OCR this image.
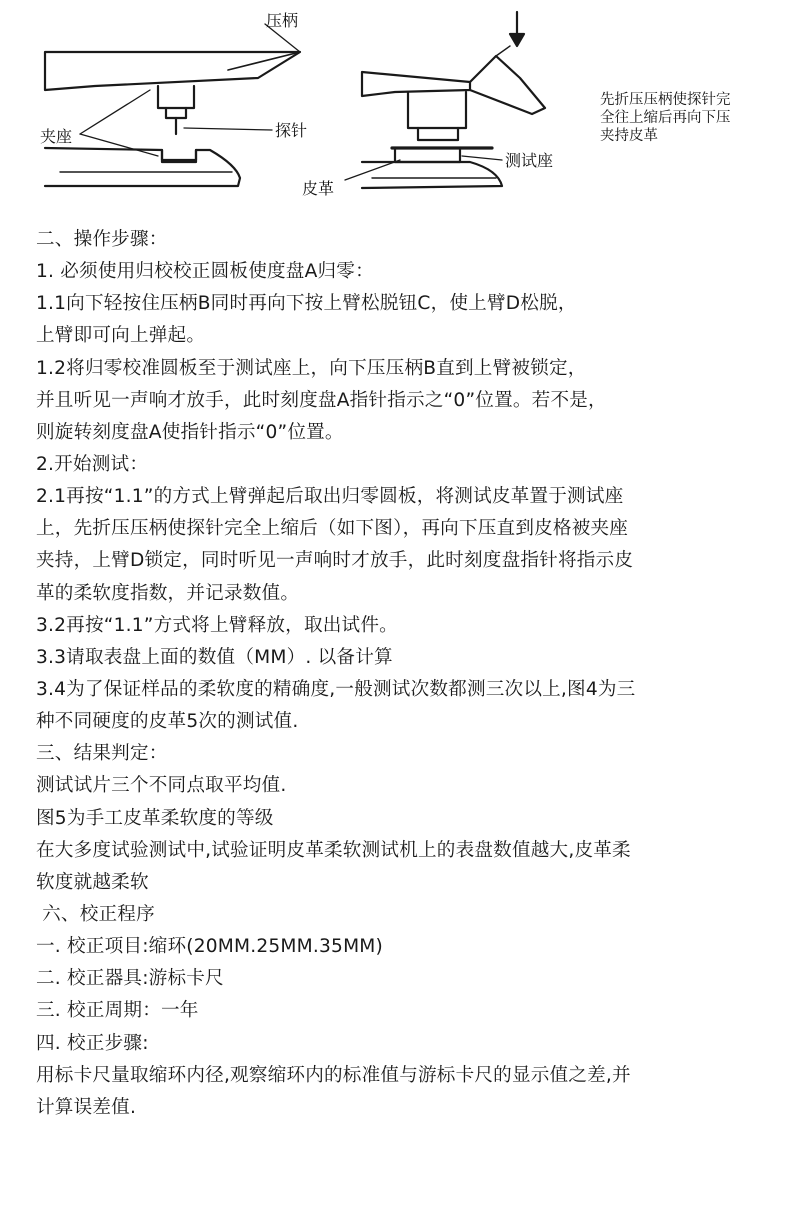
压柄
夹座	探针
皮革
测试座
先折压压柄使探针完
全往上缩后再向下压
夹持皮革
二、操作步骤：
1. 必须使用归校校正圆板使度盘A归零：
1.1向下轻按住压柄B同时再向下按上臂松脱钮C，使上臂D松脱，
上臂即可向上弹起。
1.2将归零校准圆板至于测试座上，向下压压柄B直到上臂被锁定，
并且听见一声响才放手，此时刻度盘A指针指示之“0”位置。若不是，
则旋转刻度盘A使指针指示“0”位置。
2.开始测试：
2.1再按“1.1”的方式上臂弹起后取出归零圆板，将测试皮革置于测试座
上，先折压压柄使探针完全上缩后（如下图），再向下压直到皮格被夹座
夹持，上臂D锁定，同时听见一声响时才放手，此时刻度盘指针将指示皮
革的柔软度指数，并记录数值。
3.2再按“1.1”方式将上臂释放，取出试件。
3.3请取表盘上面的数值（MM）. 以备计算
3.4为了保证样品的柔软度的精确度,一般测试次数都测三次以上,图4为三
种不同硬度的皮革5次的测试值.
三、结果判定：
测试试片三个不同点取平均值.
图5为手工皮革柔软度的等级
在大多度试验测试中,试验证明皮革柔软测试机上的表盘数值越大,皮革柔
软度就越柔软
六、校正程序
一. 校正项目:缩环(20MM.25MM.35MM)
二. 校正器具:游标卡尺
三. 校正周期：一年
四. 校正步骤:
用标卡尺量取缩环内径,观察缩环内的标准值与游标卡尺的显示值之差,并
计算误差值.
